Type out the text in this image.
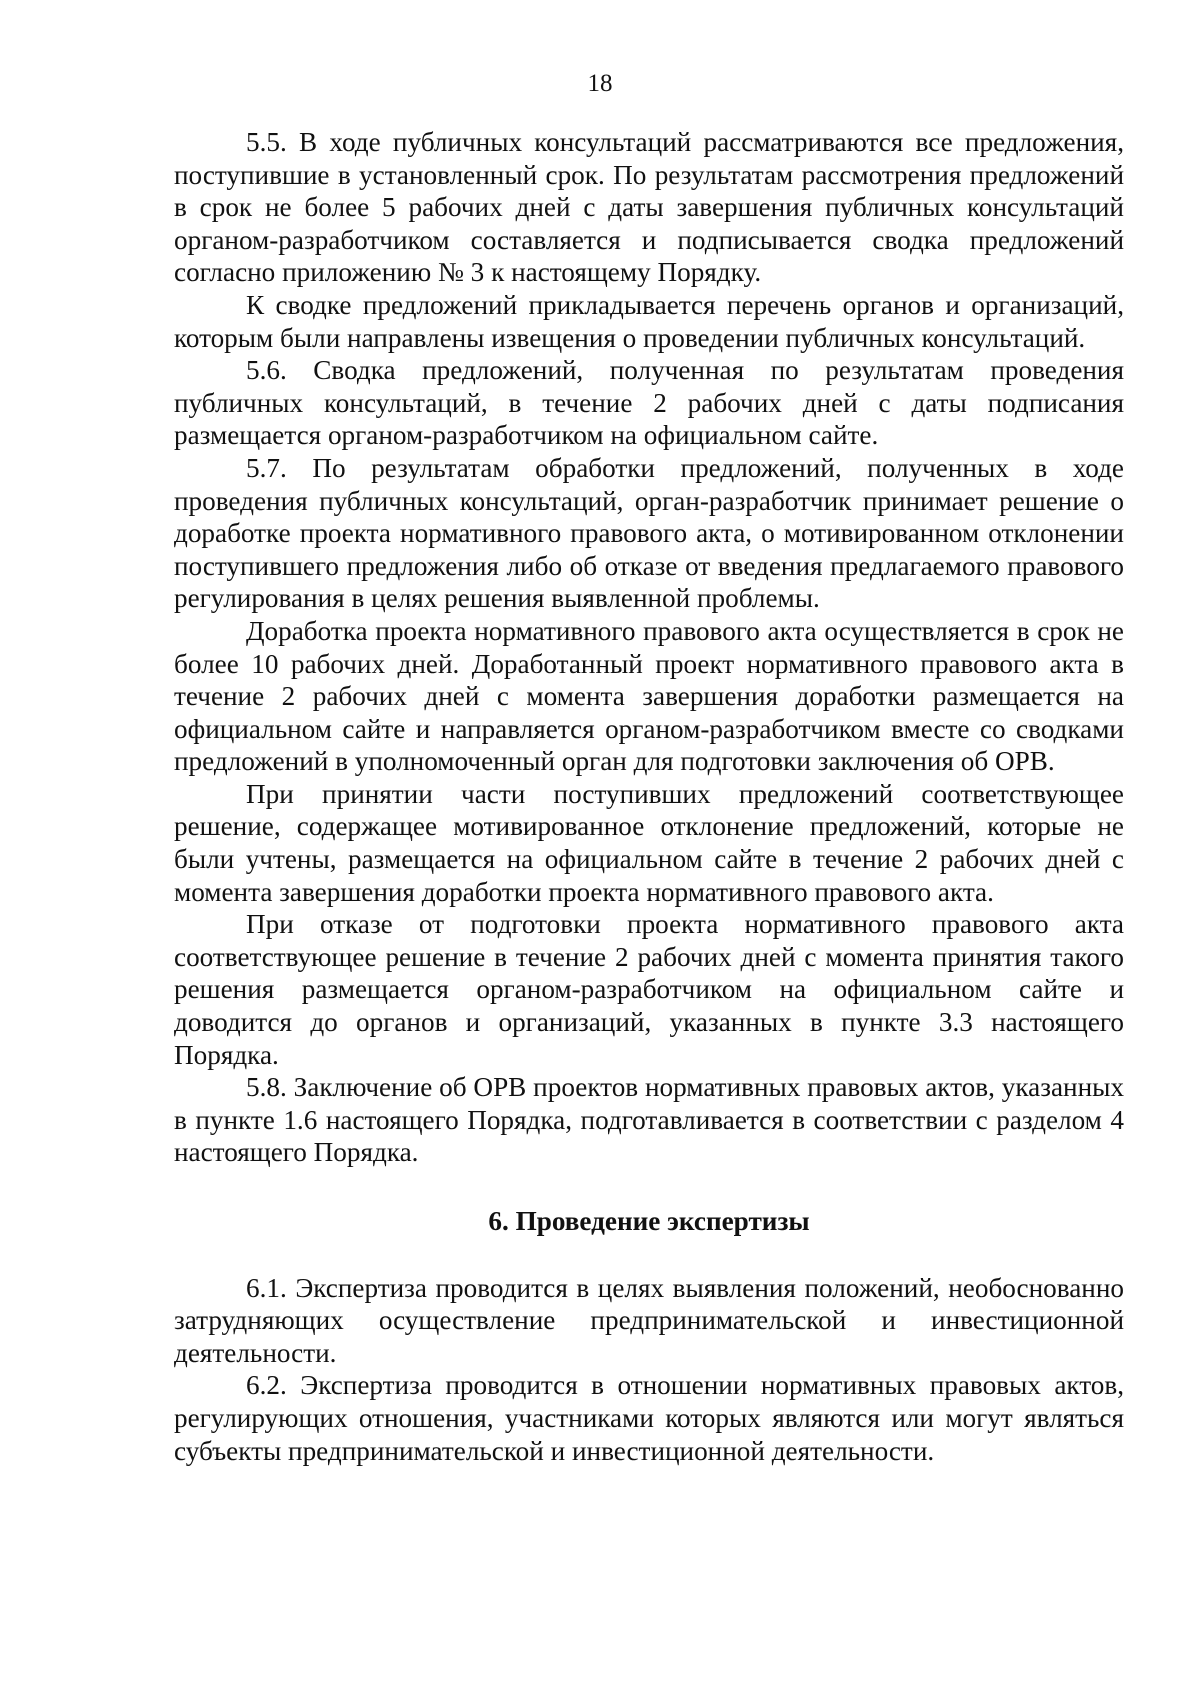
18

5.5. В ходе публичных консультаций рассматриваются все предложения, поступившие в установленный срок. По результатам рассмотрения предложений в срок не более 5 рабочих дней с даты завершения публичных консультаций органом-разработчиком составляется и подписывается сводка предложений согласно приложению № 3 к настоящему Порядку.

К сводке предложений прикладывается перечень органов и организаций, которым были направлены извещения о проведении публичных консультаций.

5.6. Сводка предложений, полученная по результатам проведения публичных консультаций, в течение 2 рабочих дней с даты подписания размещается органом-разработчиком на официальном сайте.

5.7. По результатам обработки предложений, полученных в ходе проведения публичных консультаций, орган-разработчик принимает решение о доработке проекта нормативного правового акта, о мотивированном отклонении поступившего предложения либо об отказе от введения предлагаемого правового регулирования в целях решения выявленной проблемы.

Доработка проекта нормативного правового акта осуществляется в срок не более 10 рабочих дней. Доработанный проект нормативного правового акта в течение 2 рабочих дней с момента завершения доработки размещается на официальном сайте и направляется органом-разработчиком вместе со сводками предложений в уполномоченный орган для подготовки заключения об ОРВ.

При принятии части поступивших предложений соответствующее решение, содержащее мотивированное отклонение предложений, которые не были учтены, размещается на официальном сайте в течение 2 рабочих дней с момента завершения доработки проекта нормативного правового акта.

При отказе от подготовки проекта нормативного правового акта соответствующее решение в течение 2 рабочих дней с момента принятия такого решения размещается органом-разработчиком на официальном сайте и доводится до органов и организаций, указанных в пункте 3.3 настоящего Порядка.

5.8. Заключение об ОРВ проектов нормативных правовых актов, указанных в пункте 1.6 настоящего Порядка, подготавливается в соответствии с разделом 4 настоящего Порядка.

6. Проведение экспертизы

6.1. Экспертиза проводится в целях выявления положений, необоснованно затрудняющих осуществление предпринимательской и инвестиционной деятельности.

6.2. Экспертиза проводится в отношении нормативных правовых актов, регулирующих отношения, участниками которых являются или могут являться субъекты предпринимательской и инвестиционной деятельности.
